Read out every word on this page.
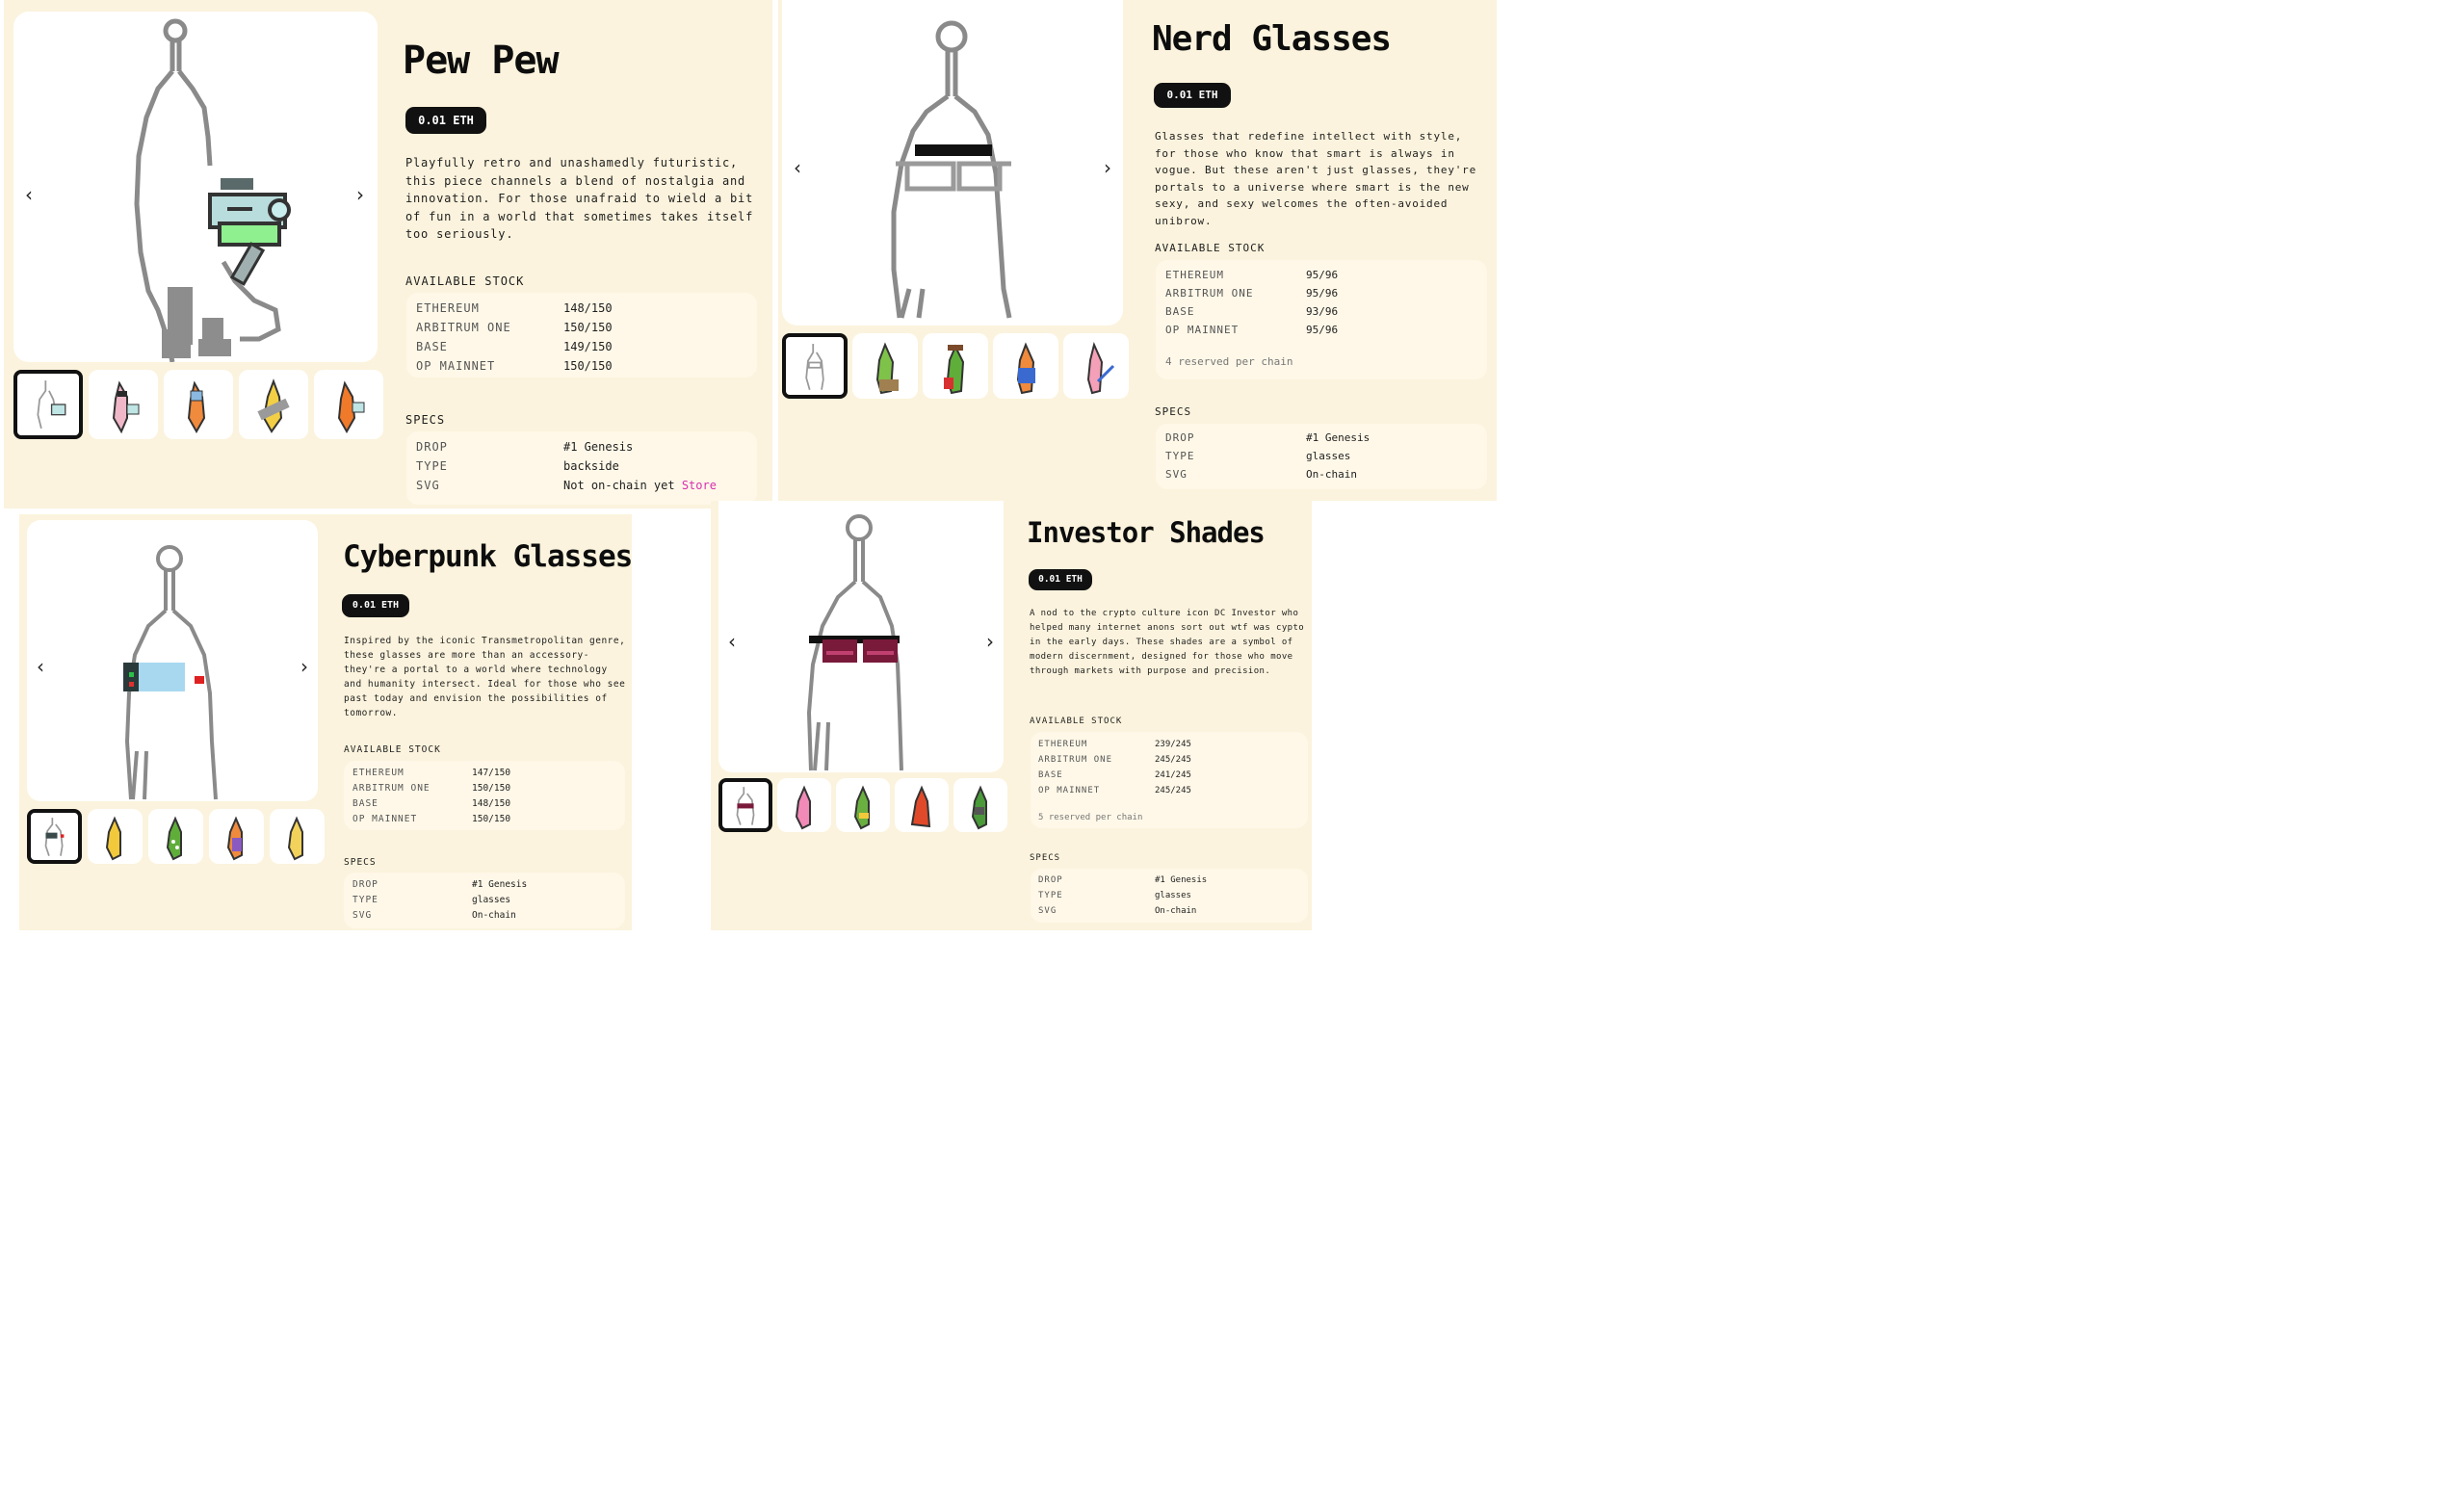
‹	›
Pew Pew
0.01 ETH
Playfully retro and unashamedly futuristic, this piece channels a blend of nostalgia and innovation. For those unafraid to wield a bit of fun in a world that sometimes takes itself too seriously.
AVAILABLE STOCK
ETHEREUM	148/150
ARBITRUM ONE	150/150
BASE	149/150
OP MAINNET	150/150
SPECS
DROP	#1 Genesis
TYPE	backside
SVG	Not on-chain yet
Store
‹	›
Nerd Glasses
0.01 ETH
Glasses that redefine intellect with style, for those who know that smart is always in vogue. But these aren't just glasses, they're portals to a universe where smart is the new sexy, and sexy welcomes the often-avoided unibrow.
AVAILABLE STOCK
ETHEREUM	95/96
ARBITRUM ONE	95/96
BASE	93/96
OP MAINNET	95/96
4 reserved per chain
SPECS
DROP	#1 Genesis
TYPE	glasses
SVG	On-chain
‹	›
Cyberpunk Glasses
0.01 ETH
Inspired by the iconic Transmetropolitan genre, these glasses are more than an accessory-they're a portal to a world where technology and humanity intersect. Ideal for those who see past today and envision the possibilities of tomorrow.
AVAILABLE STOCK
ETHEREUM	147/150
ARBITRUM ONE	150/150
BASE	148/150
OP MAINNET	150/150
SPECS
DROP	#1 Genesis
TYPE	glasses
SVG	On-chain
‹	›
Investor Shades
0.01 ETH
A nod to the crypto culture icon DC Investor who helped many internet anons sort out wtf was cypto in the early days. These shades are a symbol of modern discernment, designed for those who move through markets with purpose and precision.
AVAILABLE STOCK
ETHEREUM	239/245
ARBITRUM ONE	245/245
BASE	241/245
OP MAINNET	245/245
5 reserved per chain
SPECS
DROP	#1 Genesis
TYPE	glasses
SVG	On-chain
